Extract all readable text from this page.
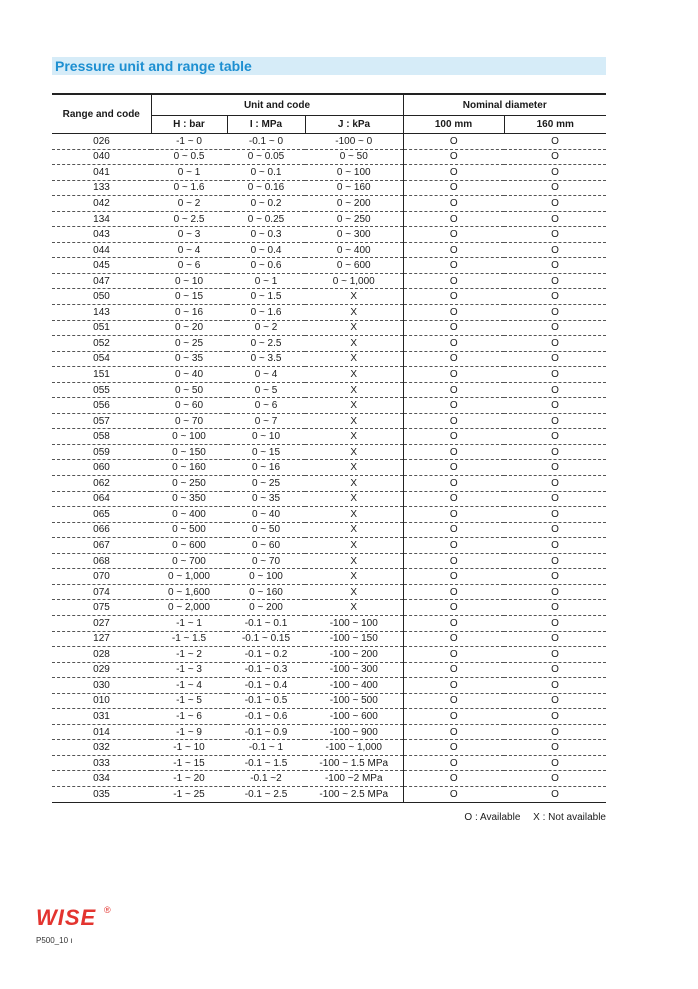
Pressure unit and range table
Range and code	Unit and code			Nominal diameter	
	H : bar	I : MPa	J : kPa	100 mm	160 mm
026	-1 ~ 0	-0.1 ~ 0	-100 ~ 0	O	O
040	0 ~ 0.5	0 ~ 0.05	0 ~ 50	O	O
041	0 ~ 1	0 ~ 0.1	0 ~ 100	O	O
133	0 ~ 1.6	0 ~ 0.16	0 ~ 160	O	O
042	0 ~ 2	0 ~ 0.2	0 ~ 200	O	O
134	0 ~ 2.5	0 ~ 0.25	0 ~ 250	O	O
043	0 ~ 3	0 ~ 0.3	0 ~ 300	O	O
044	0 ~ 4	0 ~ 0.4	0 ~ 400	O	O
045	0 ~ 6	0 ~ 0.6	0 ~ 600	O	O
047	0 ~ 10	0 ~ 1	0 ~ 1,000	O	O
050	0 ~ 15	0 ~ 1.5	X	O	O
143	0 ~ 16	0 ~ 1.6	X	O	O
051	0 ~ 20	0 ~ 2	X	O	O
052	0 ~ 25	0 ~ 2.5	X	O	O
054	0 ~ 35	0 ~ 3.5	X	O	O
151	0 ~ 40	0 ~ 4	X	O	O
055	0 ~ 50	0 ~ 5	X	O	O
056	0 ~ 60	0 ~ 6	X	O	O
057	0 ~ 70	0 ~ 7	X	O	O
058	0 ~ 100	0 ~ 10	X	O	O
059	0 ~ 150	0 ~ 15	X	O	O
060	0 ~ 160	0 ~ 16	X	O	O
062	0 ~ 250	0 ~ 25	X	O	O
064	0 ~ 350	0 ~ 35	X	O	O
065	0 ~ 400	0 ~ 40	X	O	O
066	0 ~ 500	0 ~ 50	X	O	O
067	0 ~ 600	0 ~ 60	X	O	O
068	0 ~ 700	0 ~ 70	X	O	O
070	0 ~ 1,000	0 ~ 100	X	O	O
074	0 ~ 1,600	0 ~ 160	X	O	O
075	0 ~ 2,000	0 ~ 200	X	O	O
027	-1 ~ 1	-0.1 ~ 0.1	-100 ~ 100	O	O
127	-1 ~ 1.5	-0.1 ~ 0.15	-100 ~ 150	O	O
028	-1 ~ 2	-0.1 ~ 0.2	-100 ~ 200	O	O
029	-1 ~ 3	-0.1 ~ 0.3	-100 ~ 300	O	O
030	-1 ~ 4	-0.1 ~ 0.4	-100 ~ 400	O	O
010	-1 ~ 5	-0.1 ~ 0.5	-100 ~ 500	O	O
031	-1 ~ 6	-0.1 ~ 0.6	-100 ~ 600	O	O
014	-1 ~ 9	-0.1 ~ 0.9	-100 ~ 900	O	O
032	-1 ~ 10	-0.1 ~ 1	-100 ~ 1,000	O	O
033	-1 ~ 15	-0.1 ~ 1.5	-100 ~ 1.5 MPa	O	O
034	-1 ~ 20	-0.1 ~2	-100 ~2 MPa	O	O
035	-1 ~ 25	-0.1 ~ 2.5	-100 ~ 2.5 MPa	O	O
O : Available X : Not available
WISE ®
P500_10 ı
